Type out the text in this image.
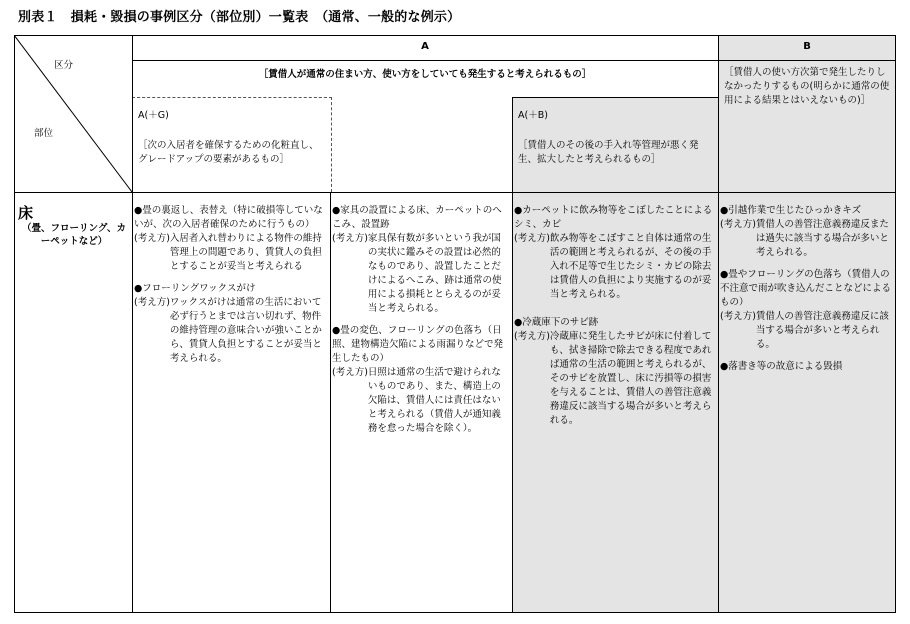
別表１　損耗・毀損の事例区分（部位別）一覧表　（通常、一般的な例示）
区分
部位
A	B
［賃借人が通常の住まい方、使い方をしていても発生すると考えられるもの］	［賃借人の使い方次第で発生したりしなかったりするもの(明らかに通常の使用による結果とはいえないもの)］
A(＋G)
［次の入居者を確保するための化粧直し、グレードアップの要素があるもの］
A(＋B)
［賃借人のその後の手入れ等管理が悪く発生、拡大したと考えられるもの］
床
（畳、フローリング、カーペットなど）
●畳の裏返し、表替え（特に破損等していないが、次の入居者確保のために行うもの）
(考え方) 入居者入れ替わりによる物件の維持管理上の問題であり、賃貸人の負担とすることが妥当と考えられる
●フローリングワックスがけ
(考え方) ワックスがけは通常の生活において必ず行うとまでは言い切れず、物件の維持管理の意味合いが強いことから、賃貸人負担とすることが妥当と考えられる。
●家具の設置による床、カーペットのへこみ、設置跡
(考え方) 家具保有数が多いという我が国の実状に鑑みその設置は必然的なものであり、設置したことだけによるへこみ、跡は通常の使用による損耗ととらえるのが妥当と考えられる。
●畳の変色、フローリングの色落ち（日照、建物構造欠陥による雨漏りなどで発生したもの）
(考え方) 日照は通常の生活で避けられないものであり、また、構造上の欠陥は、賃借人には責任はないと考えられる（賃借人が通知義務を怠った場合を除く）。
●カーペットに飲み物等をこぼしたことによるシミ、カビ
(考え方) 飲み物等をこぼすこと自体は通常の生活の範囲と考えられるが、その後の手入れ不足等で生じたシミ・カビの除去は賃借人の負担により実施するのが妥当と考えられる。
●冷蔵庫下のサビ跡
(考え方) 冷蔵庫に発生したサビが床に付着しても、拭き掃除で除去できる程度であれば通常の生活の範囲と考えられるが、そのサビを放置し、床に汚損等の損害を与えることは、賃借人の善管注意義務違反に該当する場合が多いと考えられる。
●引越作業で生じたひっかきキズ
(考え方) 賃借人の善管注意義務違反または過失に該当する場合が多いと考えられる。
●畳やフローリングの色落ち（賃借人の不注意で雨が吹き込んだことなどによるもの）
(考え方) 賃借人の善管注意義務違反に該当する場合が多いと考えられる。
●落書き等の故意による毀損
